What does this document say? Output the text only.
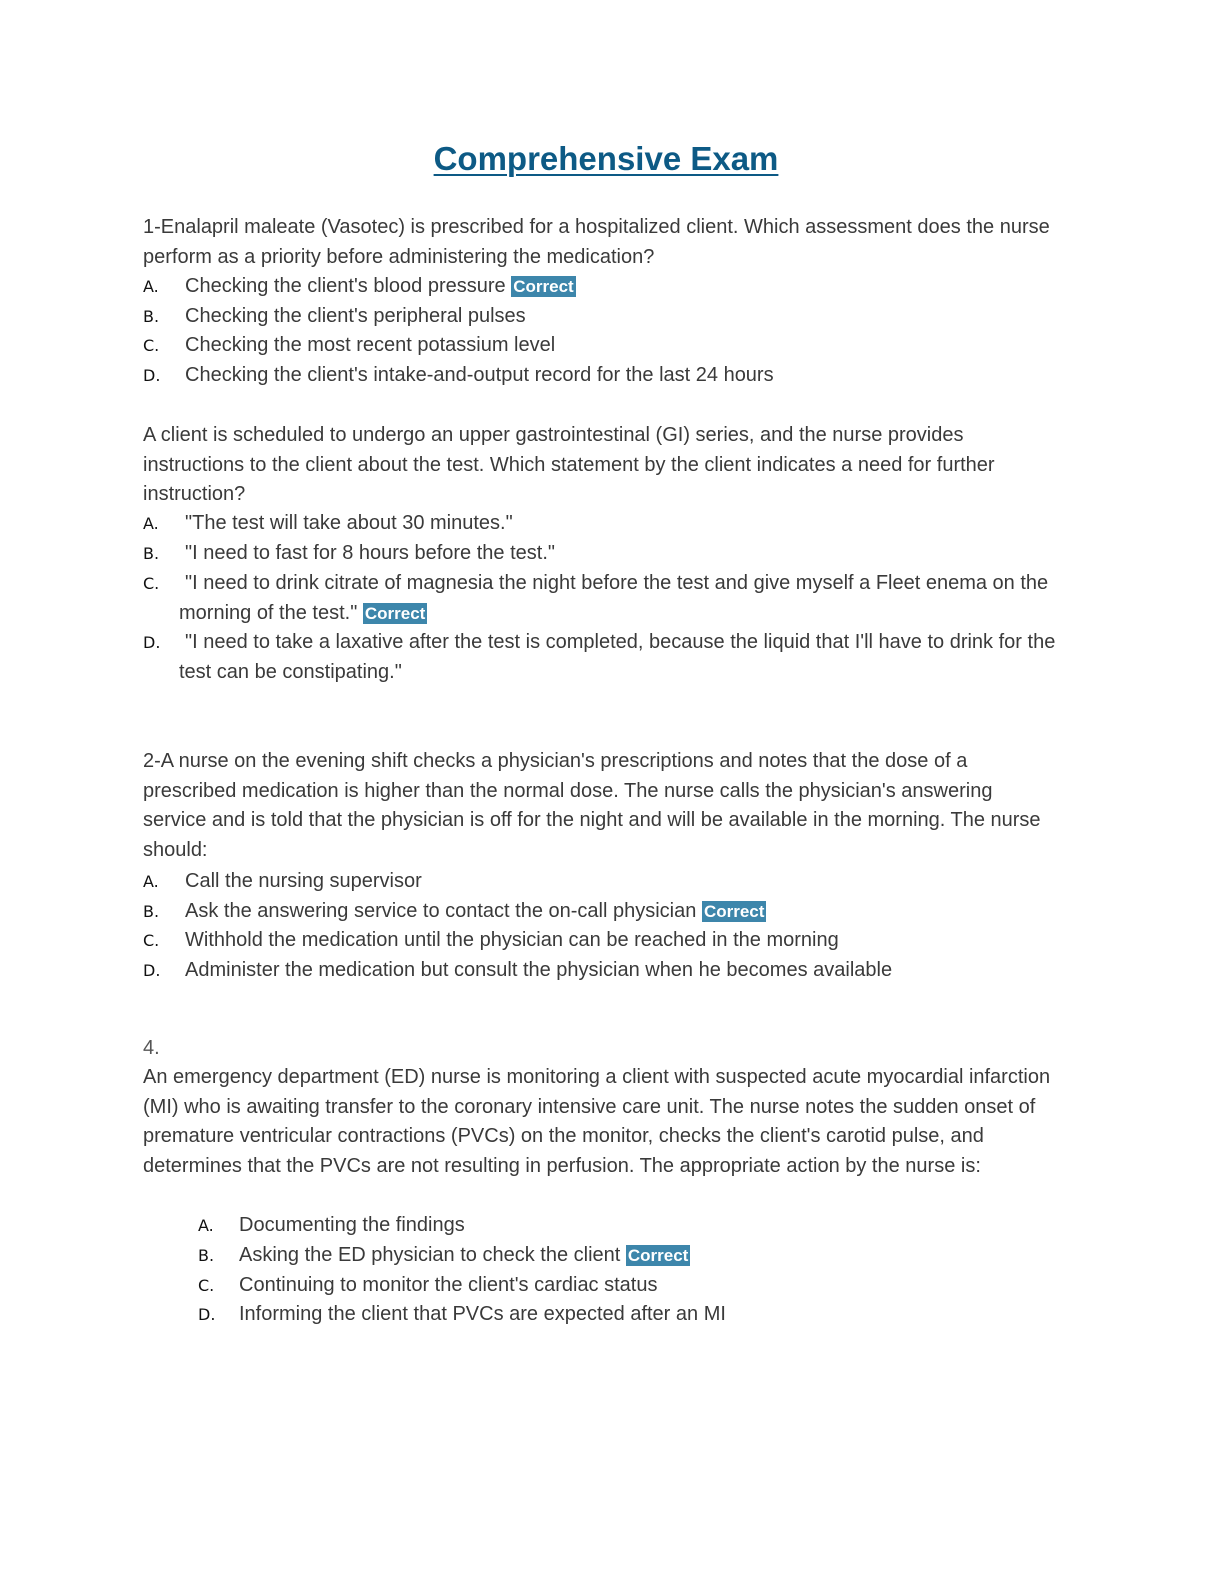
Comprehensive Exam
1-Enalapril maleate (Vasotec) is prescribed for a hospitalized client. Which assessment does the nurse perform as a priority before administering the medication?
A. Checking the client's blood pressure Correct
B. Checking the client's peripheral pulses
C. Checking the most recent potassium level
D. Checking the client's intake-and-output record for the last 24 hours
A client is scheduled to undergo an upper gastrointestinal (GI) series, and the nurse provides instructions to the client about the test. Which statement by the client indicates a need for further instruction?
A. "The test will take about 30 minutes."
B. "I need to fast for 8 hours before the test."
C.	"I need to drink citrate of magnesia the night before the test and give myself a Fleet enema on the morning of the test." Correct
D.	"I need to take a laxative after the test is completed, because the liquid that I'll have to drink for the test can be constipating."
2-A nurse on the evening shift checks a physician's prescriptions and notes that the dose of a prescribed medication is higher than the normal dose. The nurse calls the physician's answering service and is told that the physician is off for the night and will be available in the morning. The nurse should:
A. Call the nursing supervisor
B. Ask the answering service to contact the on-call physician Correct
C. Withhold the medication until the physician can be reached in the morning
D. Administer the medication but consult the physician when he becomes available
4.
An emergency department (ED) nurse is monitoring a client with suspected acute myocardial infarction (MI) who is awaiting transfer to the coronary intensive care unit. The nurse notes the sudden onset of premature ventricular contractions (PVCs) on the monitor, checks the client's carotid pulse, and determines that the PVCs are not resulting in perfusion. The appropriate action by the nurse is:
A. Documenting the findings
B. Asking the ED physician to check the client Correct
C. Continuing to monitor the client's cardiac status
D. Informing the client that PVCs are expected after an MI
